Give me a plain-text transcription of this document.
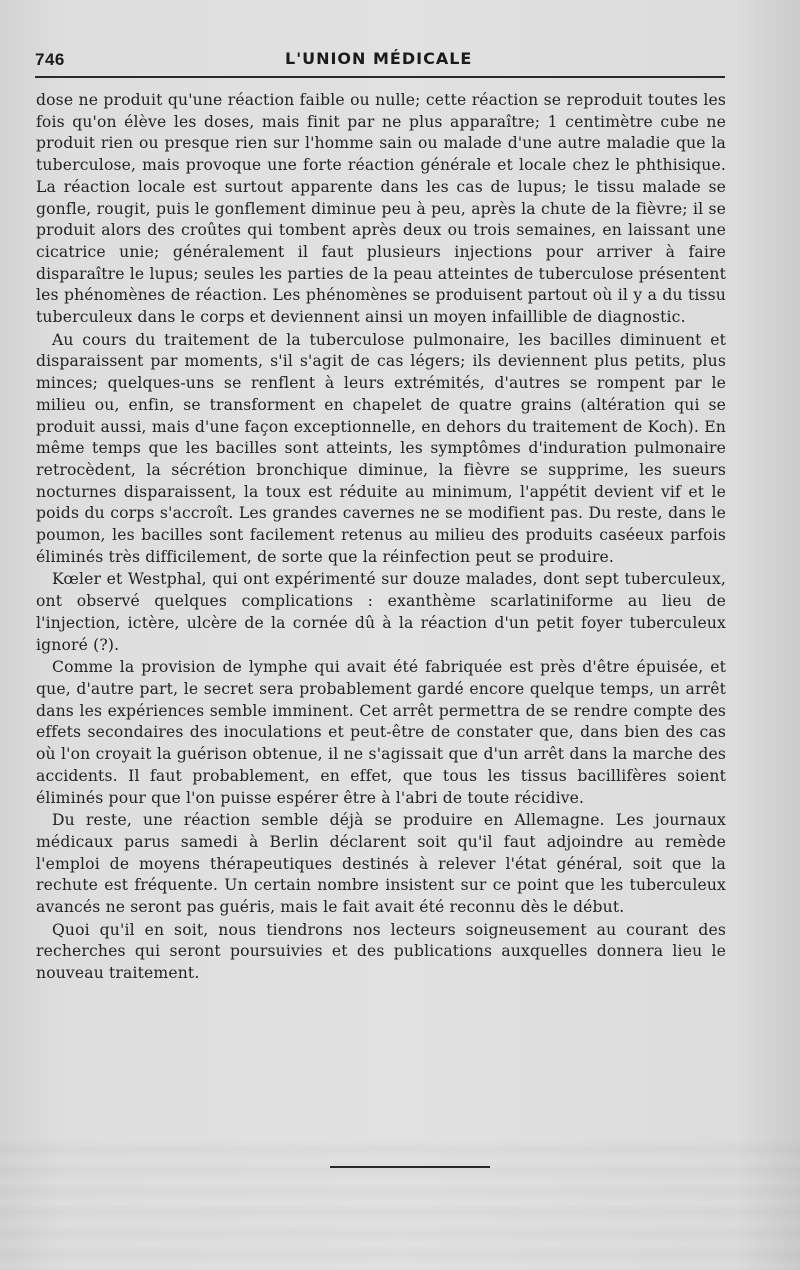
746	L'UNION MÉDICALE

dose ne produit qu'une réaction faible ou nulle; cette réaction se reproduit toutes les fois qu'on élève les doses, mais finit par ne plus apparaître; 1 centimètre cube ne produit rien ou presque rien sur l'homme sain ou malade d'une autre maladie que la tuberculose, mais provoque une forte réaction générale et locale chez le phthisique. La réaction locale est surtout apparente dans les cas de lupus; le tissu malade se gonfle, rougit, puis le gonflement diminue peu à peu, après la chute de la fièvre; il se produit alors des croûtes qui tombent après deux ou trois semaines, en laissant une cicatrice unie; généralement il faut plusieurs injections pour arriver à faire disparaître le lupus; seules les parties de la peau atteintes de tuberculose présentent les phénomènes de réaction. Les phénomènes se produisent partout où il y a du tissu tuberculeux dans le corps et deviennent ainsi un moyen infaillible de diagnostic.

Au cours du traitement de la tuberculose pulmonaire, les bacilles diminuent et disparaissent par moments, s'il s'agit de cas légers; ils deviennent plus petits, plus minces; quelques-uns se renflent à leurs extrémités, d'autres se rompent par le milieu ou, enfin, se transforment en chapelet de quatre grains (altération qui se produit aussi, mais d'une façon exceptionnelle, en dehors du traitement de Koch). En même temps que les bacilles sont atteints, les symptômes d'induration pulmonaire retrocèdent, la sécrétion bronchique diminue, la fièvre se supprime, les sueurs nocturnes disparaissent, la toux est réduite au minimum, l'appétit devient vif et le poids du corps s'accroît. Les grandes cavernes ne se modifient pas. Du reste, dans le poumon, les bacilles sont facilement retenus au milieu des produits caséeux parfois éliminés très difficilement, de sorte que la réinfection peut se produire.

Kœler et Westphal, qui ont expérimenté sur douze malades, dont sept tuberculeux, ont observé quelques complications : exanthème scarlatiniforme au lieu de l'injection, ictère, ulcère de la cornée dû à la réaction d'un petit foyer tuberculeux ignoré (?).

Comme la provision de lymphe qui avait été fabriquée est près d'être épuisée, et que, d'autre part, le secret sera probablement gardé encore quelque temps, un arrêt dans les expériences semble imminent. Cet arrêt permettra de se rendre compte des effets secondaires des inoculations et peut-être de constater que, dans bien des cas où l'on croyait la guérison obtenue, il ne s'agissait que d'un arrêt dans la marche des accidents. Il faut probablement, en effet, que tous les tissus bacillifères soient éliminés pour que l'on puisse espérer être à l'abri de toute récidive.

Du reste, une réaction semble déjà se produire en Allemagne. Les journaux médicaux parus samedi à Berlin déclarent soit qu'il faut adjoindre au remède l'emploi de moyens thérapeutiques destinés à relever l'état général, soit que la rechute est fréquente. Un certain nombre insistent sur ce point que les tuberculeux avancés ne seront pas guéris, mais le fait avait été reconnu dès le début.

Quoi qu'il en soit, nous tiendrons nos lecteurs soigneusement au courant des recherches qui seront poursuivies et des publications auxquelles donnera lieu le nouveau traitement.
